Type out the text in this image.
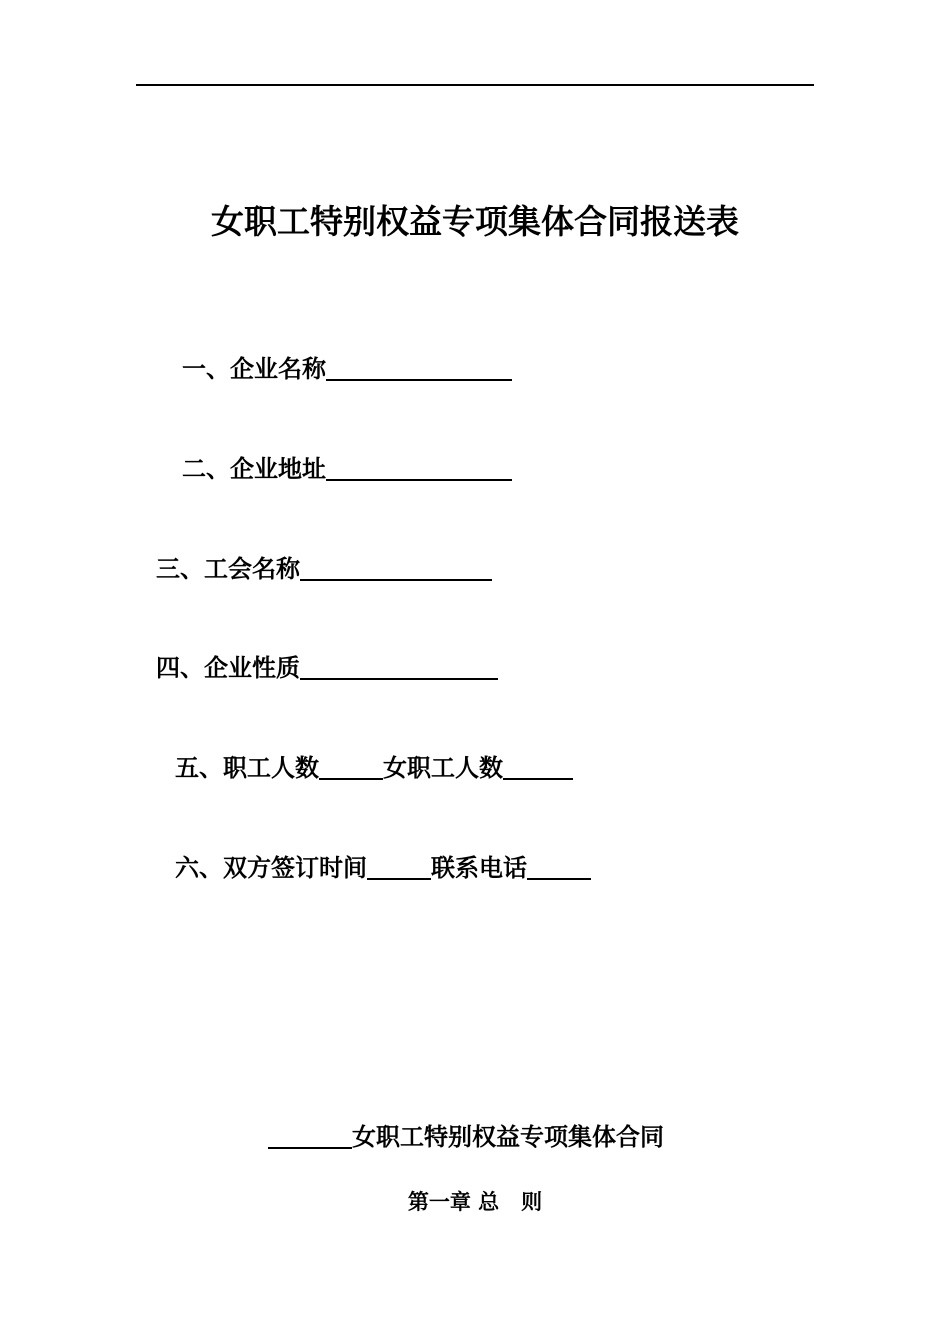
女职工特别权益专项集体合同报送表
一、企业名称
二、企业地址
三、工会名称
四、企业性质
五、职工人数	女职工人数
六、双方签订时间	联系电话
女职工特别权益专项集体合同
第一章 总   则
